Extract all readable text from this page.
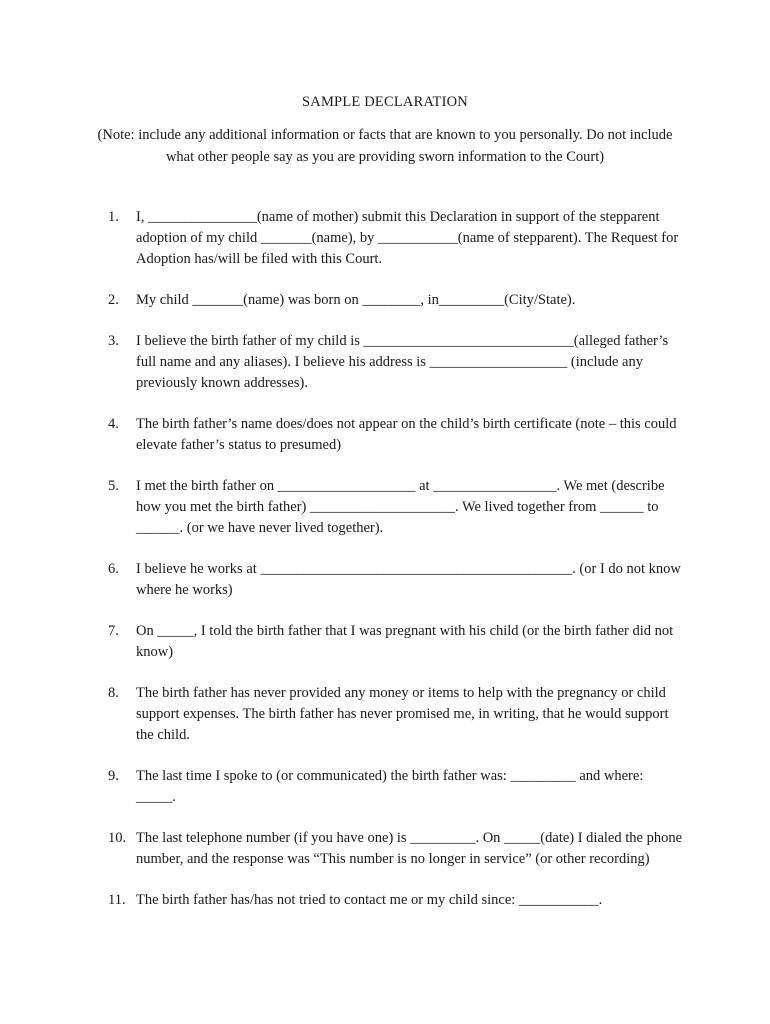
SAMPLE DECLARATION
(Note: include any additional information or facts that are known to you personally. Do not include what other people say as you are providing sworn information to the Court)
1.	I, _______________(name of mother) submit this Declaration in support of the stepparent adoption of my child _______(name), by ___________(name of stepparent). The Request for Adoption has/will be filed with this Court.
2.	My child _______(name) was born on ________, in_________(City/State).
3.	I believe the birth father of my child is _____________________________(alleged father’s full name and any aliases). I believe his address is ___________________ (include any previously known addresses).
4.	The birth father’s name does/does not appear on the child’s birth certificate (note – this could elevate father’s status to presumed)
5.	I met the birth father on ___________________ at _________________. We met (describe how you met the birth father) ____________________. We lived together from ______ to ______. (or we have never lived together).
6.	I believe he works at ___________________________________________. (or I do not know where he works)
7.	On _____, I told the birth father that I was pregnant with his child (or the birth father did not know)
8.	The birth father has never provided any money or items to help with the pregnancy or child support expenses. The birth father has never promised me, in writing, that he would support the child.
9.	The last time I spoke to (or communicated) the birth father was: _________ and where: _____.
10. The last telephone number (if you have one) is _________. On _____(date) I dialed the phone number, and the response was “This number is no longer in service” (or other recording)
11. The birth father has/has not tried to contact me or my child since: ___________.
